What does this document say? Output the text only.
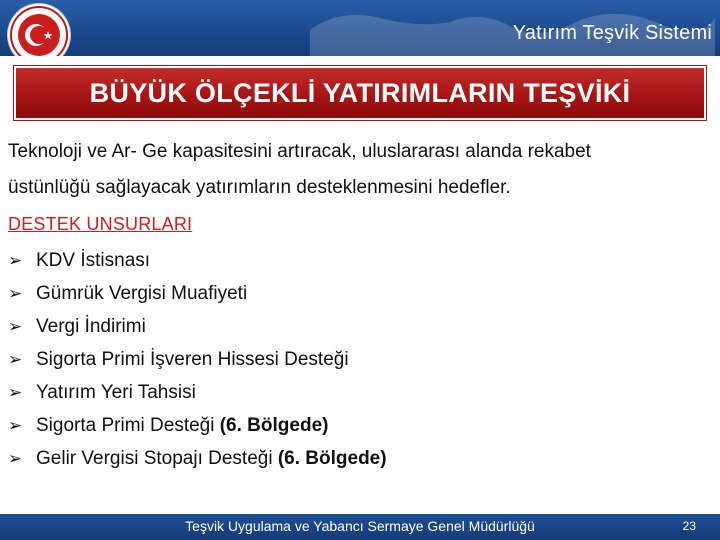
Yatırım Teşvik Sistemi
BÜYÜK ÖLÇEKLİ YATIRIMLARIN TEŞVİKİ
Teknoloji ve Ar- Ge kapasitesini artıracak, uluslararası alanda rekabet
üstünlüğü sağlayacak yatırımların desteklenmesini hedefler.
DESTEK UNSURLARI
➢ KDV İstisnası
➢ Gümrük Vergisi Muafiyeti
➢ Vergi İndirimi
➢ Sigorta Primi İşveren Hissesi Desteği
➢ Yatırım Yeri Tahsisi
➢ Sigorta Primi Desteği (6. Bölgede)
➢ Gelir Vergisi Stopajı Desteği (6. Bölgede)
Teşvik Uygulama ve Yabancı Sermaye Genel Müdürlüğü	23
